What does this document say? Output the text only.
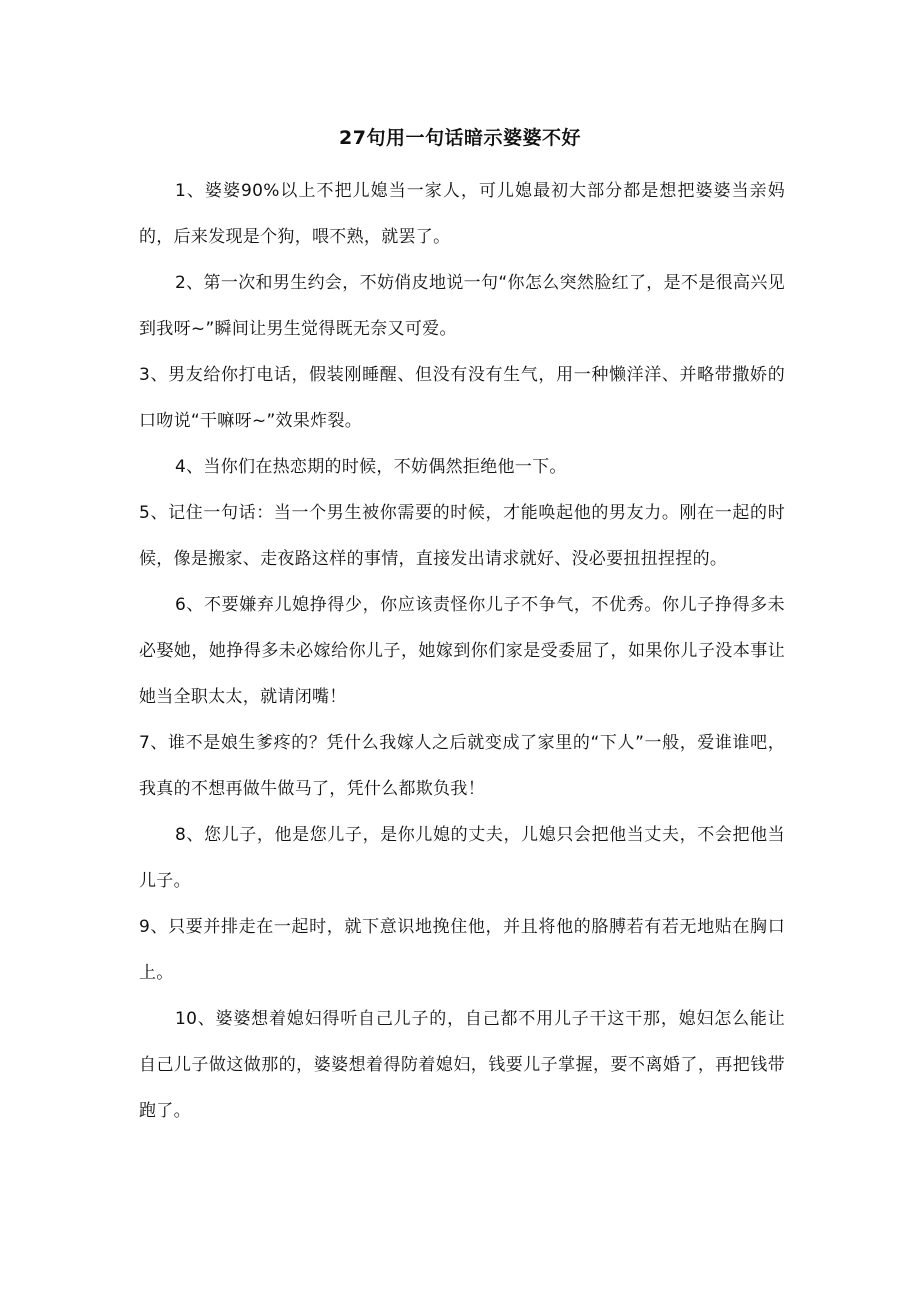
27句用一句话暗示婆婆不好

1、婆婆90%以上不把儿媳当一家人，可儿媳最初大部分都是想把婆婆当亲妈的，后来发现是个狗，喂不熟，就罢了。

2、第一次和男生约会，不妨俏皮地说一句“你怎么突然脸红了，是不是很高兴见到我呀~”瞬间让男生觉得既无奈又可爱。

3、男友给你打电话，假装刚睡醒、但没有没有生气，用一种懒洋洋、并略带撒娇的口吻说“干嘛呀~”效果炸裂。

4、当你们在热恋期的时候，不妨偶然拒绝他一下。

5、记住一句话：当一个男生被你需要的时候，才能唤起他的男友力。刚在一起的时候，像是搬家、走夜路这样的事情，直接发出请求就好、没必要扭扭捏捏的。

6、不要嫌弃儿媳挣得少，你应该责怪你儿子不争气，不优秀。你儿子挣得多未必娶她，她挣得多未必嫁给你儿子，她嫁到你们家是受委屈了，如果你儿子没本事让她当全职太太，就请闭嘴！

7、谁不是娘生爹疼的？凭什么我嫁人之后就变成了家里的“下人”一般，爱谁谁吧，我真的不想再做牛做马了，凭什么都欺负我！

8、您儿子，他是您儿子，是你儿媳的丈夫，儿媳只会把他当丈夫，不会把他当儿子。

9、只要并排走在一起时，就下意识地挽住他，并且将他的胳膊若有若无地贴在胸口上。

10、婆婆想着媳妇得听自己儿子的，自己都不用儿子干这干那，媳妇怎么能让自己儿子做这做那的，婆婆想着得防着媳妇，钱要儿子掌握，要不离婚了，再把钱带跑了。
